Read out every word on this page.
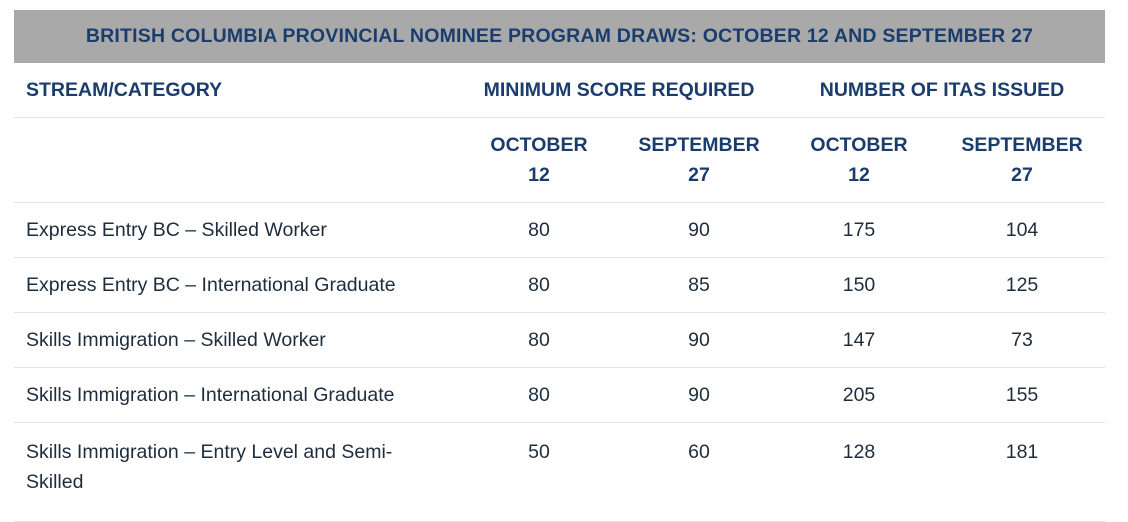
BRITISH COLUMBIA PROVINCIAL NOMINEE PROGRAM DRAWS: OCTOBER 12 AND SEPTEMBER 27
STREAM/CATEGORY	MINIMUM SCORE REQUIRED		NUMBER OF ITAS ISSUED	

	OCTOBER 12	SEPTEMBER 27	OCTOBER 12	SEPTEMBER 27

Express Entry BC – Skilled Worker	80	90	175	104
Express Entry BC – International Graduate	80	85	150	125
Skills Immigration – Skilled Worker	80	90	147	73
Skills Immigration – International Graduate	80	90	205	155

Skills Immigration – Entry Level and Semi-Skilled	50	60	128	181
